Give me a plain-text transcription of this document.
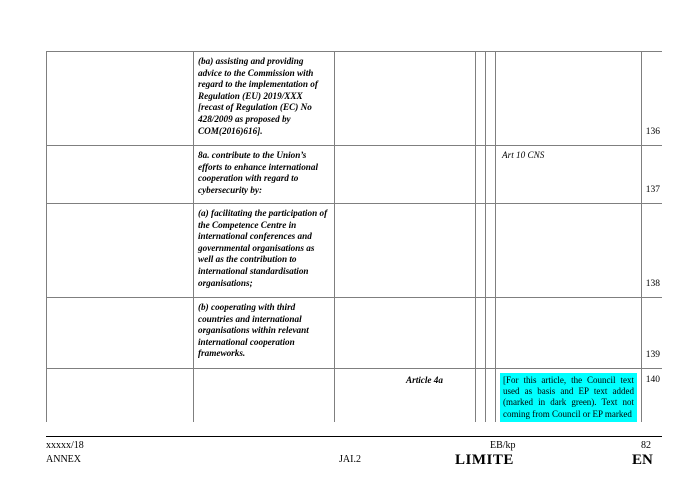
	(ba) assisting and providing advice to the Commission with regard to the implementation of Regulation (EU) 2019/XXX [recast of Regulation (EC) No 428/2009 as proposed by COM(2016)616].					136
	8a. contribute to the Union’s efforts to enhance international cooperation with regard to cybersecurity by:				Art 10 CNS	137
	(a) facilitating the participation of the Competence Centre in international conferences and governmental organisations as well as the contribution to international standardisation organisations;					138
	(b) cooperating with third countries and international organisations within relevant international cooperation frameworks.					139
		Article 4a			[For this article, the Council text used as basis and EP text added (marked in dark green). Text not coming from Council or EP marked	140
xxxxx/18
ANNEX	JAI.2
EB/kp	82
LIMITE	EN
